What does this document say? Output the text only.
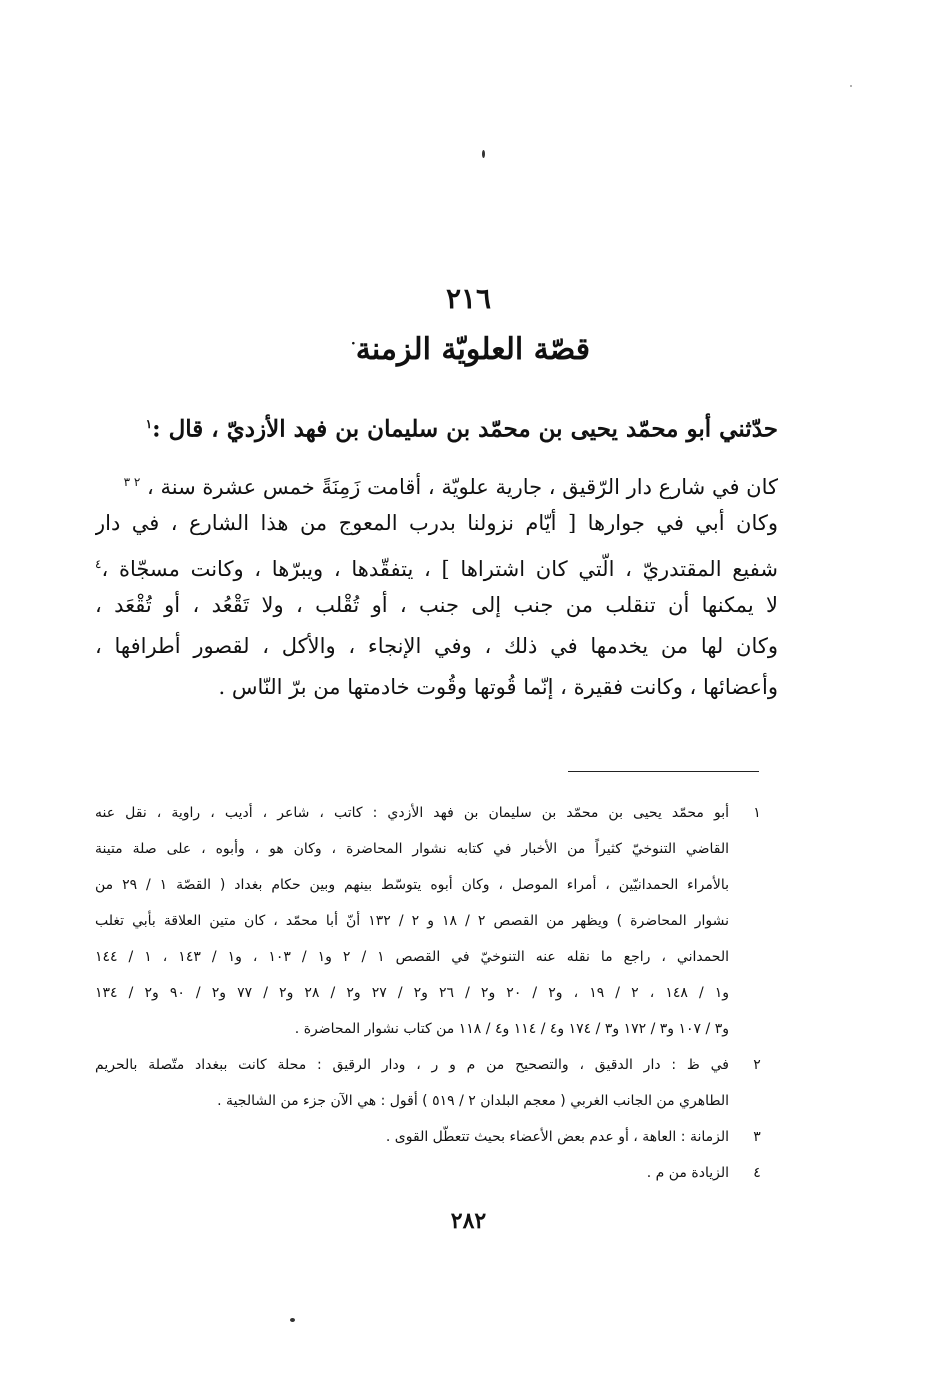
٢١٦
قصّة العلويّة الزمنة·
حدّثني أبو محمّد يحيى بن محمّد بن سليمان بن فهد الأزديّ ، قال :$^١$
كان في شارع دار الرّقيق ، جارية علويّة ، أقامت زَمِنَةً خمس عشرة سنة ، $^{٢ ٣}$
وكان أبي في جوارها [ أيّام نزولنا بدرب المعوج من هذا الشارع ، في دار
شفيع المقتدريّ ، الّتي كان اشتراها ] ، يتفقّدها ، ويبرّها ، وكانت مسجّاة ،$^٤$
لا يمكنها أن تنقلب من جنب إلى جنب ، أو تُقْلب ، ولا تَقْعُد ، أو تُقْعَد ،
وكان لها من يخدمها في ذلك ، وفي الإنجاء ، والأكل ، لقصور أطرافها ،
وأعضائها ، وكانت فقيرة ، إنّما قُوتها وقُوت خادمتها من برّ النّاس .
١
أبو محمّد يحيى بن محمّد بن سليمان بن فهد الأزدي : كاتب ، شاعر ، أديب ، راوية ، نقل عنه
القاضي التنوخيّ كثيراً من الأخبار في كتابه نشوار المحاضرة ، وكان هو ، وأبوه ، على صلة متينة
بالأمراء الحمدانيّين ، أمراء الموصل ، وكان أبوه يتوسّط بينهم وبين حكام بغداد ( القصّة ١ / ٢٩ من
نشوار المحاضرة ) ويظهر من القصص ٢ / ١٨ و ٢ / ١٣٢ أنّ أبا محمّد ، كان متين العلاقة بأبي تغلب
الحمداني ، راجع ما نقله عنه التنوخيّ في القصص ١ / ٢ و١ / ١٠٣ ، و١ / ١٤٣ ، ١ / ١٤٤
و١ / ١٤٨ ، ٢ / ١٩ ، و٢ / ٢٠ و٢ / ٢٦ و٢ / ٢٧ و٢ / ٢٨ و٢ / ٧٧ و٢ / ٩٠ و٢ / ١٣٤
و٣ / ١٠٧ و٣ / ١٧٢ و٣ / ١٧٤ و٤ / ١١٤ و٤ / ١١٨ من كتاب نشوار المحاضرة .
٢
في ظ : دار الدقيق ، والتصحيح من م و ر ، ودار الرقيق : محلة كانت ببغداد متّصلة بالحريم
الطاهري من الجانب الغربي ( معجم البلدان ٢ / ٥١٩ ) أقول : هي الآن جزء من الشالجية .
٣
الزمانة : العاهة ، أو عدم بعض الأعضاء بحيث تتعطّل القوى .
٤
الزيادة من م .
٢٨٢
